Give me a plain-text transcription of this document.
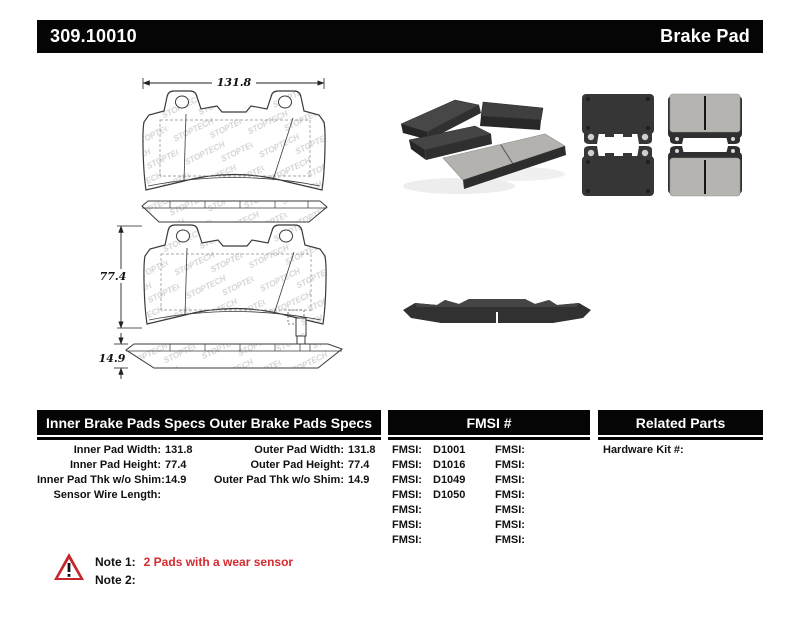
309.10010	Brake Pad
131.8
77.4
14.9
Inner Brake Pads Specs Outer Brake Pads Specs	FMSI #	Related Parts
Inner Pad Width: 131.8
Inner Pad Height: 77.4
Inner Pad Thk w/o Shim: 14.9
Sensor Wire Length:
Outer Pad Width: 131.8
Outer Pad Height: 77.4
Outer Pad Thk w/o Shim: 14.9
FMSI: D1001
FMSI: D1016
FMSI: D1049
FMSI: D1050
FMSI:
FMSI:
FMSI:
FMSI:
FMSI:
FMSI:
FMSI:
FMSI:
FMSI:
FMSI:
Hardware Kit #:
Note 1: 2 Pads with a wear sensor
Note 2:
